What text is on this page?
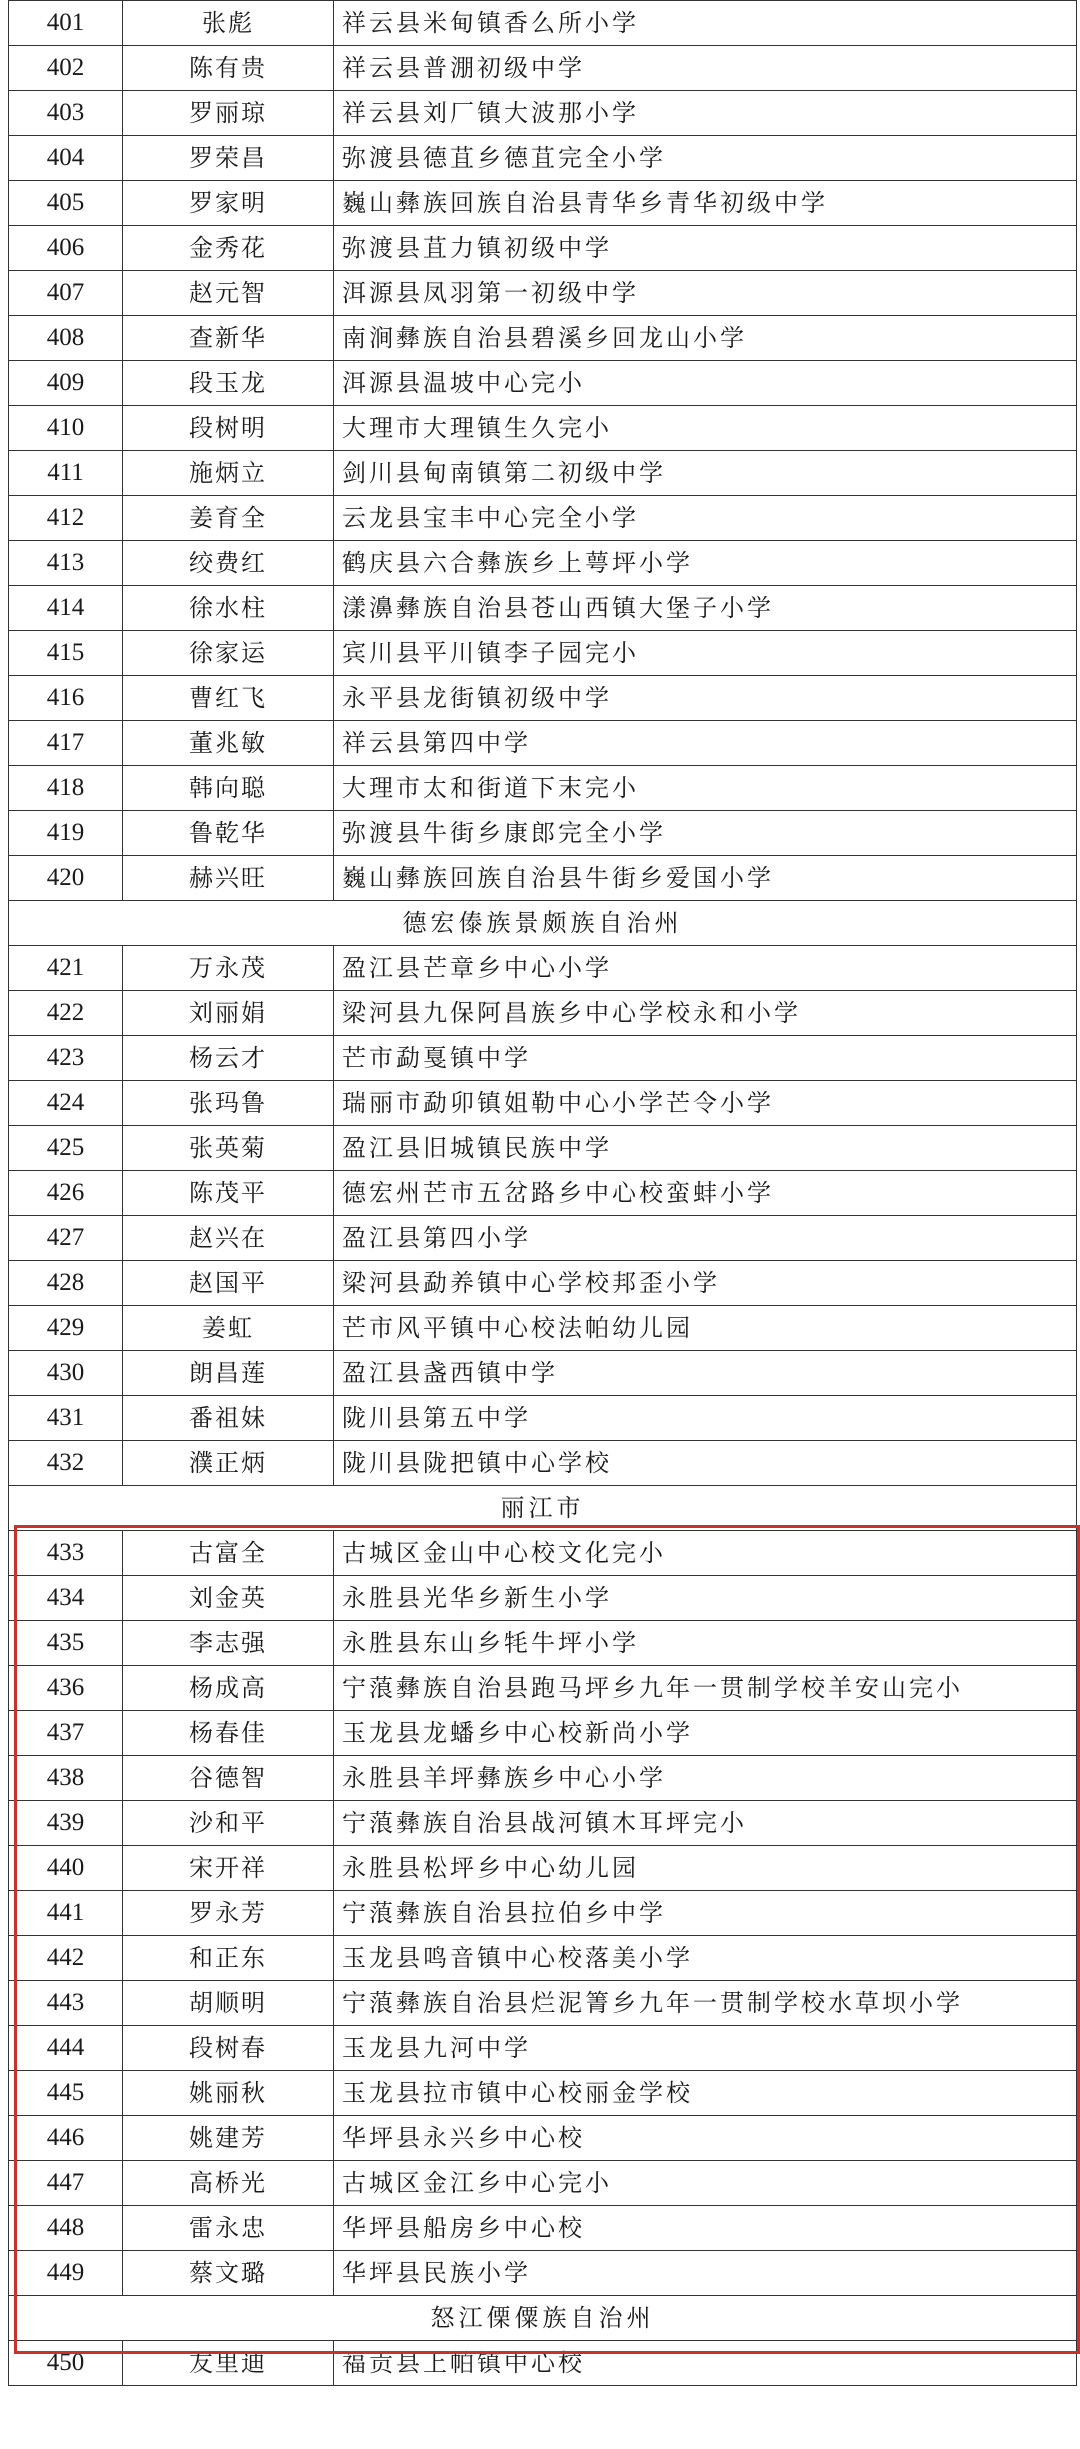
401	张彪	祥云县米甸镇香么所小学
402	陈有贵	祥云县普淜初级中学
403	罗丽琼	祥云县刘厂镇大波那小学
404	罗荣昌	弥渡县德苴乡德苴完全小学
405	罗家明	巍山彝族回族自治县青华乡青华初级中学
406	金秀花	弥渡县苴力镇初级中学
407	赵元智	洱源县凤羽第一初级中学
408	查新华	南涧彝族自治县碧溪乡回龙山小学
409	段玉龙	洱源县温坡中心完小
410	段树明	大理市大理镇生久完小
411	施炳立	剑川县甸南镇第二初级中学
412	姜育全	云龙县宝丰中心完全小学
413	绞费红	鹤庆县六合彝族乡上萼坪小学
414	徐水柱	漾濞彝族自治县苍山西镇大堡子小学
415	徐家运	宾川县平川镇李子园完小
416	曹红飞	永平县龙街镇初级中学
417	董兆敏	祥云县第四中学
418	韩向聪	大理市太和街道下末完小
419	鲁乾华	弥渡县牛街乡康郎完全小学
420	赫兴旺	巍山彝族回族自治县牛街乡爱国小学
德宏傣族景颇族自治州		
421	万永茂	盈江县芒章乡中心小学
422	刘丽娟	梁河县九保阿昌族乡中心学校永和小学
423	杨云才	芒市勐戛镇中学
424	张玛鲁	瑞丽市勐卯镇姐勒中心小学芒令小学
425	张英菊	盈江县旧城镇民族中学
426	陈茂平	德宏州芒市五岔路乡中心校蛮蚌小学
427	赵兴在	盈江县第四小学
428	赵国平	梁河县勐养镇中心学校邦歪小学
429	姜虹	芒市风平镇中心校法帕幼儿园
430	朗昌莲	盈江县盏西镇中学
431	番祖妹	陇川县第五中学
432	濮正炳	陇川县陇把镇中心学校
丽江市		
433	古富全	古城区金山中心校文化完小
434	刘金英	永胜县光华乡新生小学
435	李志强	永胜县东山乡牦牛坪小学
436	杨成高	宁蒗彝族自治县跑马坪乡九年一贯制学校羊安山完小
437	杨春佳	玉龙县龙蟠乡中心校新尚小学
438	谷德智	永胜县羊坪彝族乡中心小学
439	沙和平	宁蒗彝族自治县战河镇木耳坪完小
440	宋开祥	永胜县松坪乡中心幼儿园
441	罗永芳	宁蒗彝族自治县拉伯乡中学
442	和正东	玉龙县鸣音镇中心校落美小学
443	胡顺明	宁蒗彝族自治县烂泥箐乡九年一贯制学校水草坝小学
444	段树春	玉龙县九河中学
445	姚丽秋	玉龙县拉市镇中心校丽金学校
446	姚建芳	华坪县永兴乡中心校
447	高桥光	古城区金江乡中心完小
448	雷永忠	华坪县船房乡中心校
449	蔡文璐	华坪县民族小学
怒江傈僳族自治州		
450	友里迪	福贡县上帕镇中心校
